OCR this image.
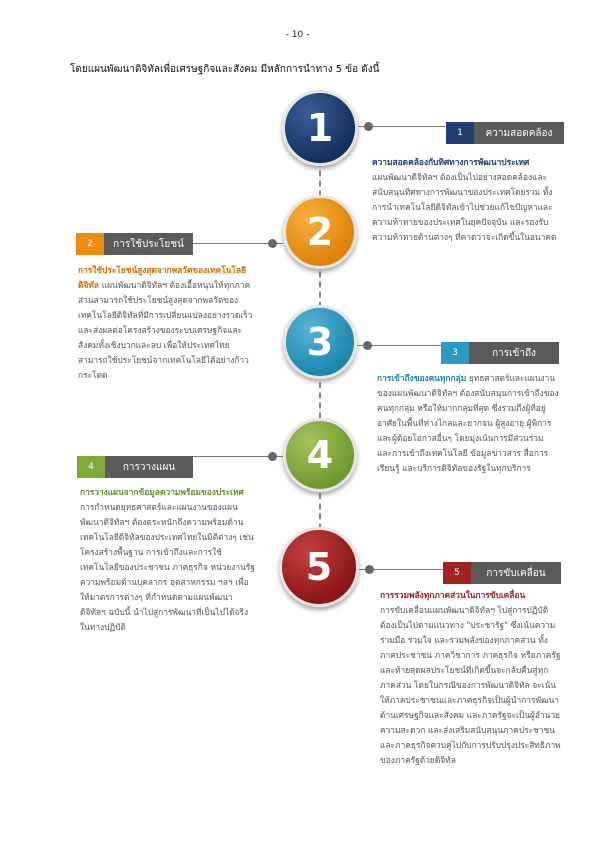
- 10 -
โดยแผนพัฒนาดิจิทัลเพื่อเศรษฐกิจและสังคม มีหลักการนำทาง 5 ข้อ ดังนี้
1	1	ความสอดคล้อง
ความสอดคล้องกับทิศทางการพัฒนาประเทศ
แผนพัฒนาดิจิทัลฯ ต้องเป็นไปอย่างสอดคล้องและสนับสนุนทิศทางการพัฒนาของประเทศโดยรวม ทั้งการนำเทคโนโลยีดิจิทัลเข้าไปช่วยแก้ไขปัญหาและความท้าทายของประเทศในยุคปัจจุบัน และรองรับความท้าทายด้านต่างๆ ที่คาดว่าจะเกิดขึ้นในอนาคต
2
2	การใช้ประโยชน์
การใช้ประโยชน์สูงสุดจากพลวัตของเทคโนโลยีดิจิทัล แผนพัฒนาดิจิทัลฯ ต้องเอื้อหนุนให้ทุกภาคส่วนสามารถใช้ประโยชน์สูงสุดจากพลวัตของเทคโนโลยีดิจิทัลที่มีการเปลี่ยนแปลงอย่างรวดเร็ว และส่งผลต่อโครงสร้างของระบบเศรษฐกิจและสังคมทั้งเชิงบวกและลบ เพื่อให้ประเทศไทยสามารถใช้ประโยชน์จากเทคโนโลยีได้อย่างก้าวกระโดด
3	3	การเข้าถึง
การเข้าถึงของคนทุกกลุ่ม ยุทธศาสตร์และแผนงานของแผนพัฒนาดิจิทัลฯ ต้องสนับสนุนการเข้าถึงของคนทุกกลุ่ม หรือให้มากกลุ่มที่สุด ซึ่งรวมถึงผู้ที่อยู่อาศัยในพื้นที่ห่างไกลและยากจน ผู้สูงอายุ ผู้พิการ และผู้ด้อยโอกาสอื่นๆ โดยมุ่งเน้นการมีส่วนร่วม และการเข้าถึงเทคโนโลยี ข้อมูลข่าวสาร สื่อการเรียนรู้ และบริการดิจิทัลของรัฐในทุกบริการ
4
4	การวางแผน
การวางแผนจากข้อมูลความพร้อมของประเทศ
การกำหนดยุทธศาสตร์และแผนงานของแผนพัฒนาดิจิทัลฯ ต้องตระหนักถึงความพร้อมด้านเทคโนโลยีดิจิทัลของประเทศไทยในมิติต่างๆ เช่น โครงสร้างพื้นฐาน การเข้าถึงและการใช้เทคโนโลยีของประชาชน ภาคธุรกิจ หน่วยงานรัฐ ความพร้อมด้านบุคลากร อุตสาหกรรม ฯลฯ เพื่อให้มาตรการต่างๆ ที่กำหนดตามแผนพัฒนาดิจิทัลฯ ฉบับนี้ นำไปสู่การพัฒนาที่เป็นไปได้จริงในทางปฏิบัติ
5	5	การขับเคลื่อน
การรวมพลังทุกภาคส่วนในการขับเคลื่อน
การขับเคลื่อนแผนพัฒนาดิจิทัลฯ ไปสู่การปฏิบัติ ต้องเป็นไปตามแนวทาง "ประชารัฐ" ซึ่งเน้นความร่วมมือ ร่วมใจ และรวมพลังของทุกภาคส่วน ทั้งภาคประชาชน ภาควิชาการ ภาคธุรกิจ หรือภาครัฐ และท้ายสุดผลประโยชน์ที่เกิดขึ้นจะกลับคืนสู่ทุกภาคส่วน โดยในกรณีของการพัฒนาดิจิทัล จะเน้นให้ภาคประชาชนและภาคธุรกิจเป็นผู้นำการพัฒนาด้านเศรษฐกิจและสังคม และภาครัฐจะเป็นผู้อำนวยความสะดวก และส่งเสริมสนับสนุนภาคประชาชนและภาคธุรกิจควบคู่ไปกับการปรับปรุงประสิทธิภาพของภาครัฐด้วยดิจิทัล
